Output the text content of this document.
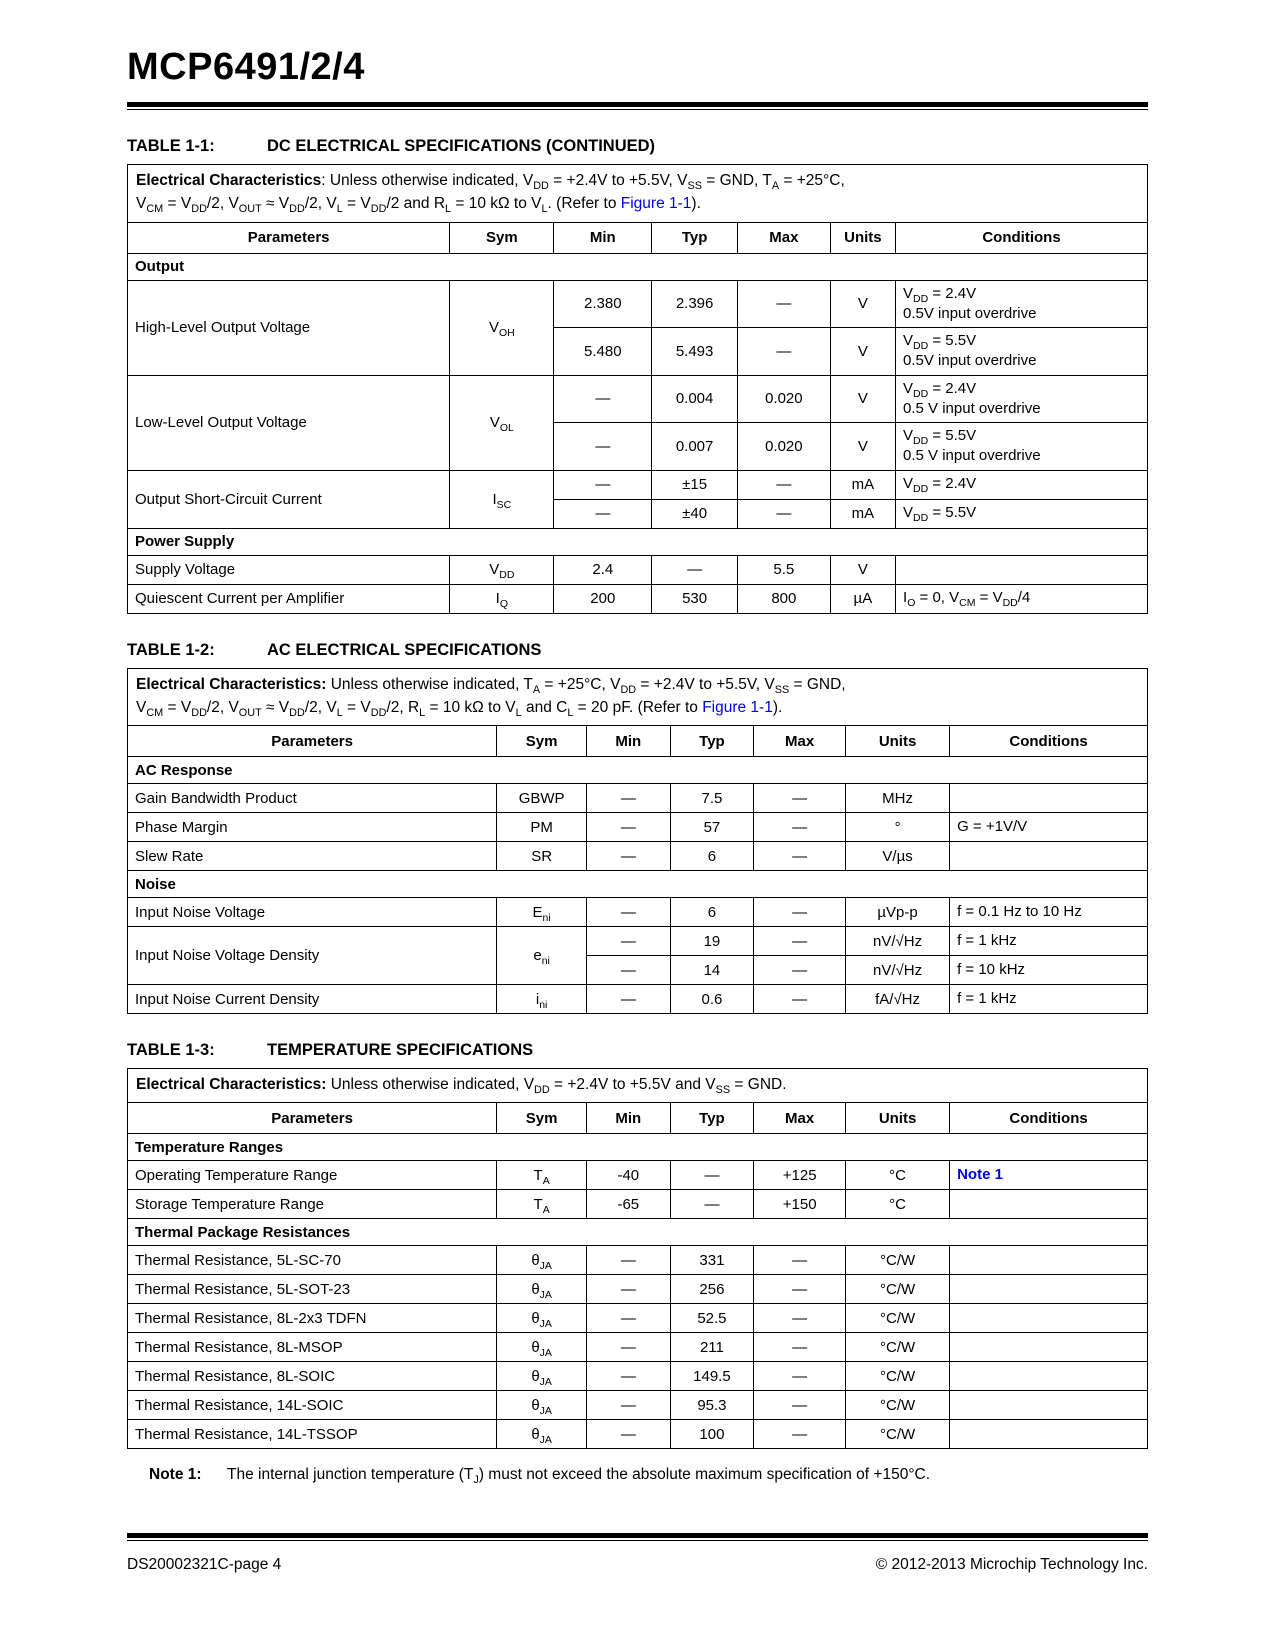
MCP6491/2/4
TABLE 1-1:	DC ELECTRICAL SPECIFICATIONS (CONTINUED)
Electrical Characteristics: Unless otherwise indicated, $V_{DD} = +2.4V$ to +5.5V, $V_{SS}$ = GND, $T_A = +25^\circ C$,
$V_{CM} = V_{DD}/2$, $V_{OUT} \approx V_{DD}/2$, $V_L = V_{DD}/2$ and $R_L = 10$ kΩ to $V_L$. (Refer to Figure 1-1).						
Parameters	Sym	Min	Typ	Max	Units	Conditions
Output						
High-Level Output Voltage	$V_{OH}$	2.380	2.396	—	V	$V_{DD} = 2.4V$
0.5V input overdrive
		5.480	5.493	—	V	$V_{DD} = 5.5V$
0.5V input overdrive
Low-Level Output Voltage	$V_{OL}$	—	0.004	0.020	V	$V_{DD} = 2.4V$
0.5 V input overdrive
		—	0.007	0.020	V	$V_{DD} = 5.5V$
0.5 V input overdrive
Output Short-Circuit Current	$I_{SC}$	—	±15	—	mA	$V_{DD} = 2.4V$
		—	±40	—	mA	$V_{DD} = 5.5V$
Power Supply						
Supply Voltage	$V_{DD}$	2.4	—	5.5	V	
Quiescent Current per Amplifier	$I_Q$	200	530	800	µA	$I_O = 0$, $V_{CM} = V_{DD}/4$
TABLE 1-2:	AC ELECTRICAL SPECIFICATIONS
Electrical Characteristics: Unless otherwise indicated, $T_A = +25^\circ C$, $V_{DD} = +2.4V$ to +5.5V, $V_{SS}$ = GND,
$V_{CM} = V_{DD}/2$, $V_{OUT} \approx V_{DD}/2$, $V_L = V_{DD}/2$, $R_L = 10$ kΩ to $V_L$ and $C_L = 20$ pF. (Refer to Figure 1-1).						
Parameters	Sym	Min	Typ	Max	Units	Conditions
AC Response						
Gain Bandwidth Product	GBWP	—	7.5	—	MHz	
Phase Margin	PM	—	57	—	°	G = +1V/V
Slew Rate	SR	—	6	—	V/µs	
Noise						
Input Noise Voltage	$E_{ni}$	—	6	—	µVp-p	f = 0.1 Hz to 10 Hz
Input Noise Voltage Density	$e_{ni}$	—	19	—	nV/√Hz	f = 1 kHz
		—	14	—	nV/√Hz	f = 10 kHz
Input Noise Current Density	$i_{ni}$	—	0.6	—	fA/√Hz	f = 1 kHz
TABLE 1-3:	TEMPERATURE SPECIFICATIONS
Electrical Characteristics: Unless otherwise indicated, $V_{DD} = +2.4V$ to +5.5V and $V_{SS}$ = GND.						
Parameters	Sym	Min	Typ	Max	Units	Conditions
Temperature Ranges						
Operating Temperature Range	$T_A$	-40	—	+125	°C	Note 1
Storage Temperature Range	$T_A$	-65	—	+150	°C	
Thermal Package Resistances						
Thermal Resistance, 5L-SC-70	$\theta_{JA}$	—	331	—	°C/W	
Thermal Resistance, 5L-SOT-23	$\theta_{JA}$	—	256	—	°C/W	
Thermal Resistance, 8L-2x3 TDFN	$\theta_{JA}$	—	52.5	—	°C/W	
Thermal Resistance, 8L-MSOP	$\theta_{JA}$	—	211	—	°C/W	
Thermal Resistance, 8L-SOIC	$\theta_{JA}$	—	149.5	—	°C/W	
Thermal Resistance, 14L-SOIC	$\theta_{JA}$	—	95.3	—	°C/W	
Thermal Resistance, 14L-TSSOP	$\theta_{JA}$	—	100	—	°C/W	
Note 1:	The internal junction temperature $(T_J)$ must not exceed the absolute maximum specification of +150°C.
DS20002321C-page 4	© 2012-2013 Microchip Technology Inc.
